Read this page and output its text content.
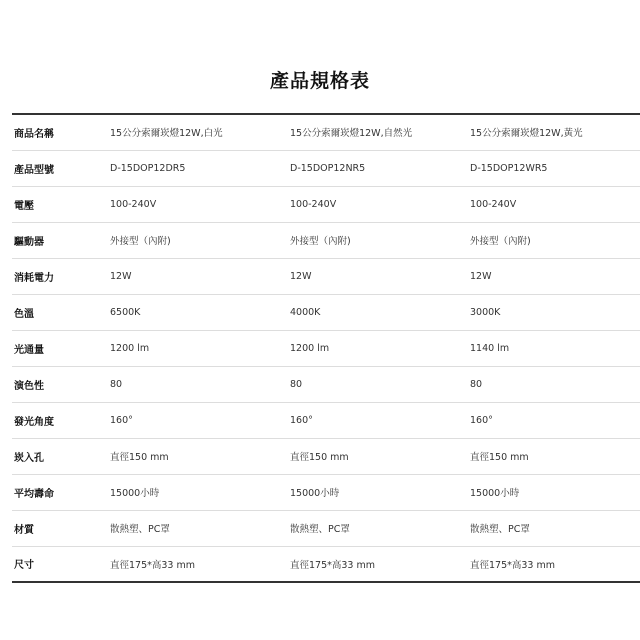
產品規格表
商品名稱	15公分索爾崁燈12W,白光	15公分索爾崁燈12W,自然光	15公分索爾崁燈12W,黃光
產品型號	D-15DOP12DR5	D-15DOP12NR5	D-15DOP12WR5
電壓	100-240V	100-240V	100-240V
驅動器	外接型（內附)	外接型（內附)	外接型（內附)
消耗電力	12W	12W	12W
色溫	6500K	4000K	3000K
光通量	1200 lm	1200 lm	1140 lm
演色性	80	80	80
發光角度	160°	160°	160°
崁入孔	直徑150 mm	直徑150 mm	直徑150 mm
平均壽命	15000小時	15000小時	15000小時
材質	散熱塑、PC罩	散熱塑、PC罩	散熱塑、PC罩
尺寸	直徑175*高33 mm	直徑175*高33 mm	直徑175*高33 mm
